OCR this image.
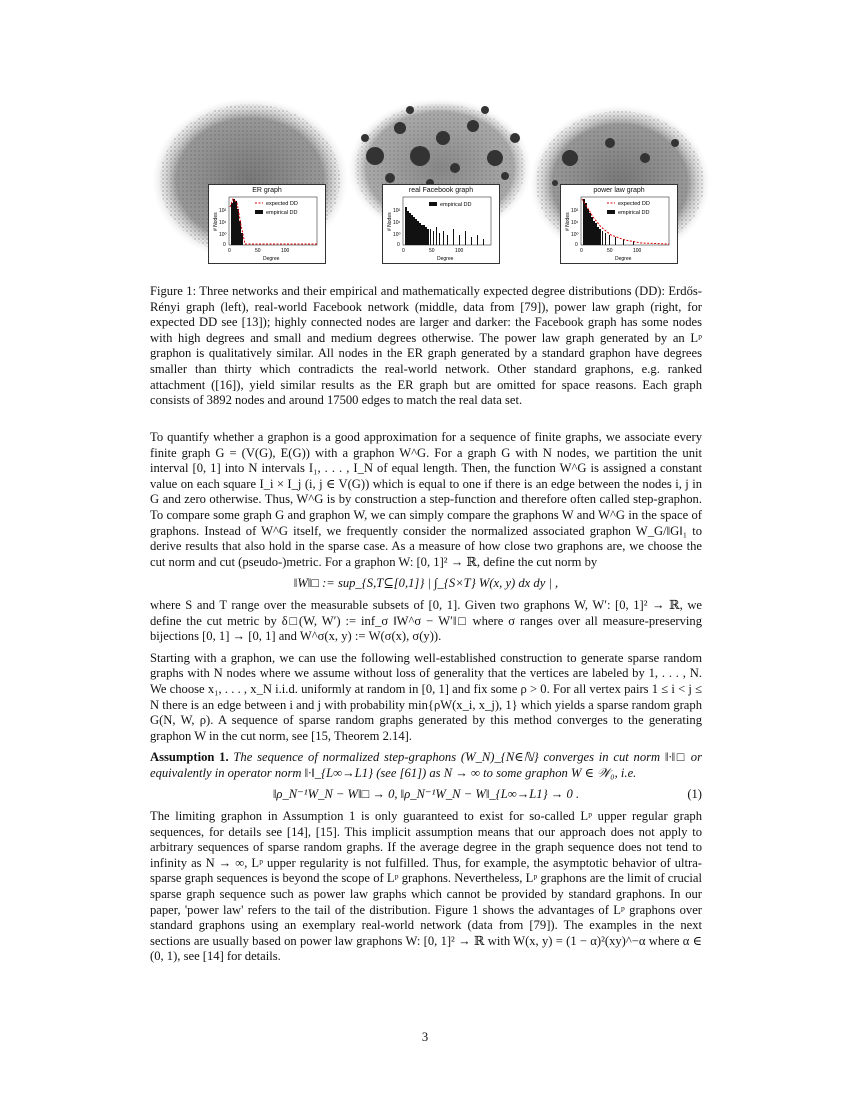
ER graph
expected DD
empirical DD
# Nodes
10²
10¹
10⁰
0
0	50	100
Degree
real Facebook graph
empirical DD
# Nodes
10²
10¹
10⁰
0
0	50	100
Degree
power law graph
expected DD
empirical DD
# Nodes
10²
10¹
10⁰
0
0	50	100
Degree
Figure 1: Three networks and their empirical and mathematically expected degree distributions (DD): Erdős-Rényi graph (left), real-world Facebook network (middle, data from [79]), power law graph (right, for expected DD see [13]); highly connected nodes are larger and darker: the Facebook graph has some nodes with high degrees and small and medium degrees otherwise. The power law graph generated by an Lᵖ graphon is qualitatively similar. All nodes in the ER graph generated by a standard graphon have degrees smaller than thirty which contradicts the real-world network. Other standard graphons, e.g. ranked attachment ([16]), yield similar results as the ER graph but are omitted for space reasons. Each graph consists of 3892 nodes and around 17500 edges to match the real data set.

To quantify whether a graphon is a good approximation for a sequence of finite graphs, we associate every finite graph G = (V(G), E(G)) with a graphon W^G. For a graph G with N nodes, we partition the unit interval [0, 1] into N intervals I₁, . . . , I_N of equal length. Then, the function W^G is assigned a constant value on each square I_i × I_j (i, j ∈ V(G)) which is equal to one if there is an edge between the nodes i, j in G and zero otherwise. Thus, W^G is by construction a step-function and therefore often called step-graphon. To compare some graph G and graphon W, we can simply compare the graphons W and W^G in the space of graphons. Instead of W^G itself, we frequently consider the normalized associated graphon W_G/‖G‖₁ to derive results that also hold in the sparse case. As a measure of how close two graphons are, we choose the cut norm and cut (pseudo-)metric. For a graphon W: [0, 1]² → ℝ, define the cut norm by

‖W‖□ := sup_{S,T⊆[0,1]} | ∫_{S×T} W(x, y) dx dy | ,

where S and T range over the measurable subsets of [0, 1]. Given two graphons W, W′: [0, 1]² → ℝ, we define the cut metric by δ□(W, W′) := inf_σ ‖W^σ − W′‖□ where σ ranges over all measure-preserving bijections [0, 1] → [0, 1] and W^σ(x, y) := W(σ(x), σ(y)).

Starting with a graphon, we can use the following well-established construction to generate sparse random graphs with N nodes where we assume without loss of generality that the vertices are labeled by 1, . . . , N. We choose x₁, . . . , x_N i.i.d. uniformly at random in [0, 1] and fix some ρ > 0. For all vertex pairs 1 ≤ i < j ≤ N there is an edge between i and j with probability min{ρW(x_i, x_j), 1} which yields a sparse random graph G(N, W, ρ). A sequence of sparse random graphs generated by this method converges to the generating graphon W in the cut norm, see [15, Theorem 2.14].

Assumption 1. The sequence of normalized step-graphons (W_N)_{N∈ℕ} converges in cut norm ‖·‖□ or equivalently in operator norm ‖·‖_{L∞→L1} (see [61]) as N → ∞ to some graphon W ∈ 𝒲₀, i.e.

‖ρ_N⁻¹W_N − W‖□ → 0, ‖ρ_N⁻¹W_N − W‖_{L∞→L1} → 0 .	(1)

The limiting graphon in Assumption 1 is only guaranteed to exist for so-called Lᵖ upper regular graph sequences, for details see [14], [15]. This implicit assumption means that our approach does not apply to arbitrary sequences of sparse random graphs. If the average degree in the graph sequence does not tend to infinity as N → ∞, Lᵖ upper regularity is not fulfilled. Thus, for example, the asymptotic behavior of ultra-sparse graph sequences is beyond the scope of Lᵖ graphons. Nevertheless, Lᵖ graphons are the limit of crucial sparse graph sequence such as power law graphs which cannot be provided by standard graphons. In our paper, 'power law' refers to the tail of the distribution. Figure 1 shows the advantages of Lᵖ graphons over standard graphons using an exemplary real-world network (data from [79]). The examples in the next sections are usually based on power law graphons W: [0, 1]² → ℝ with W(x, y) = (1 − α)²(xy)^−α where α ∈ (0, 1), see [14] for details.

3
